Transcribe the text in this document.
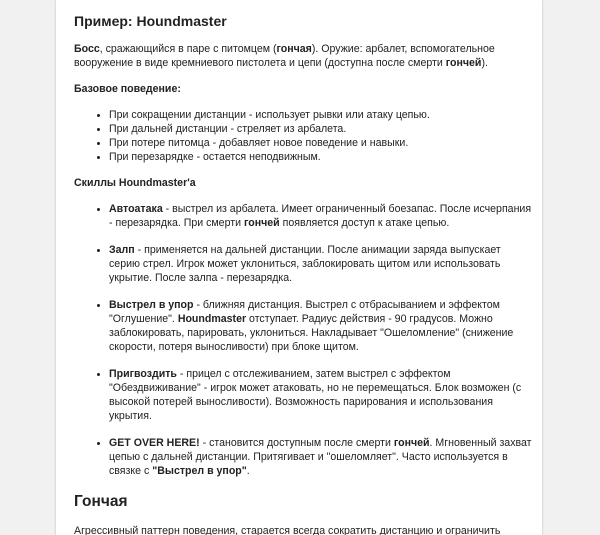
Пример: Houndmaster

Босс, сражающийся в паре с питомцем (гончая). Оружие: арбалет, вспомогательное вооружение в виде кремниевого пистолета и цепи (доступна после смерти гончей).

Базовое поведение:
• При сокращении дистанции - использует рывки или атаку цепью.
• При дальней дистанции - стреляет из арбалета.
• При потере питомца - добавляет новое поведение и навыки.
• При перезарядке - остается неподвижным.
Скиллы Houndmaster'a
• Автоатака - выстрел из арбалета. Имеет ограниченный боезапас. После исчерпания - перезарядка. При смерти гончей появляется доступ к атаке цепью.
• Залп - применяется на дальней дистанции. После анимации заряда выпускает серию стрел. Игрок может уклониться, заблокировать щитом или использовать укрытие. После залпа - перезарядка.
• Выстрел в упор - ближняя дистанция. Выстрел с отбрасыванием и эффектом "Оглушение". Houndmaster отступает. Радиус действия - 90 градусов. Можно заблокировать, парировать, уклониться. Накладывает "Ошеломление" (снижение скорости, потеря выносливости) при блоке щитом.
• Пригвоздить - прицел с отслеживанием, затем выстрел с эффектом "Обездвиживание" - игрок может атаковать, но не перемещаться. Блок возможен (с высокой потерей выносливости). Возможность парирования и использования укрытия.
• GET OVER HERE! - становится доступным после смерти гончей. Мгновенный захват цепью с дальней дистанции. Притягивает и "ошеломляет". Часто используется в связке с "Выстрел в упор".
Гончая

Агрессивный паттерн поведения, старается всегда сократить дистанцию и ограничить
